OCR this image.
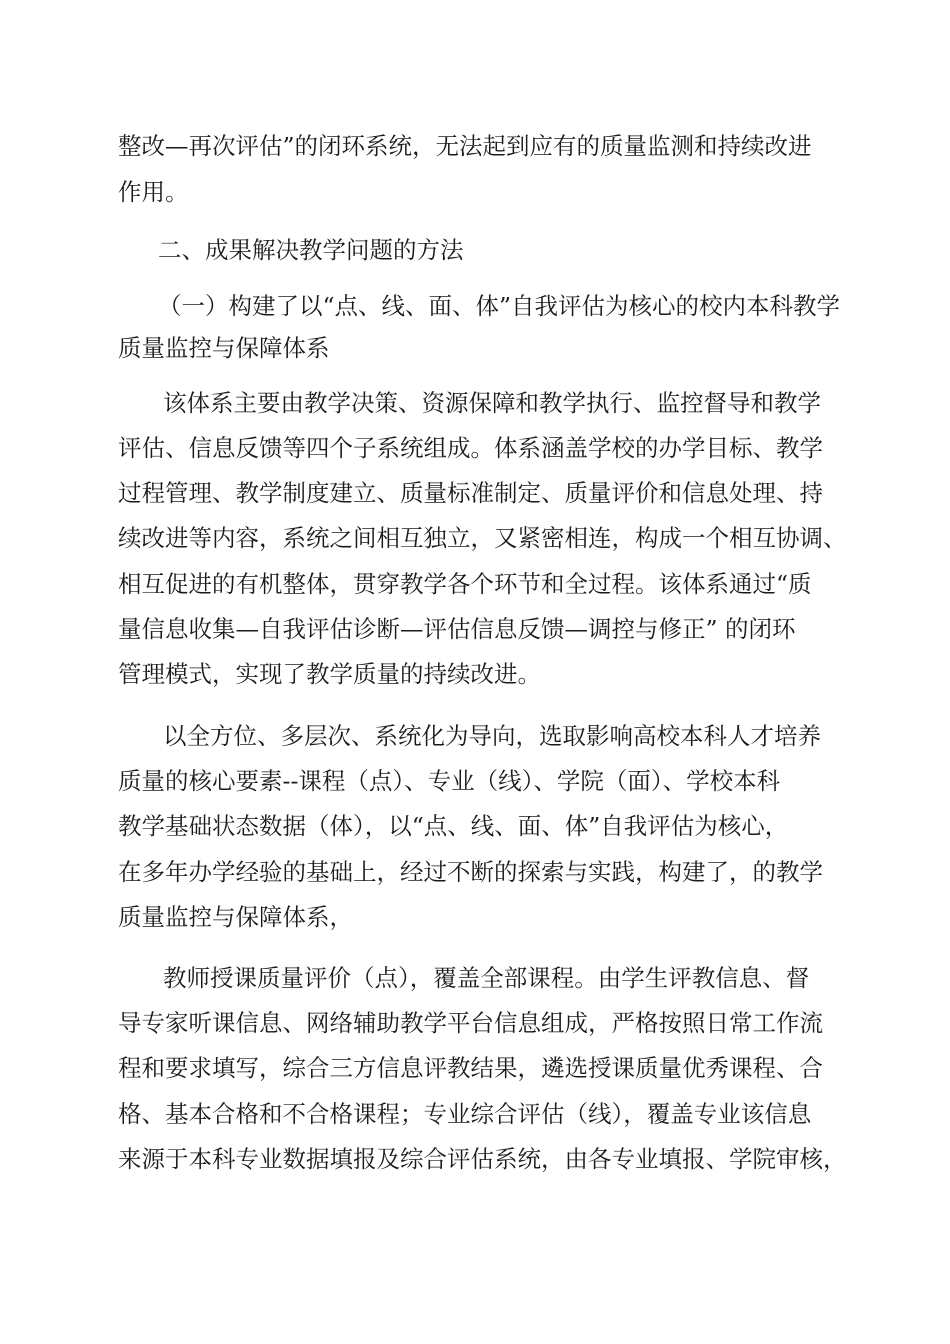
整改—再次评估”的闭环系统，无法起到应有的质量监测和持续改进
作用。
二、成果解决教学问题的方法
（一）构建了以“点、线、面、体”自我评估为核心的校内本科教学
质量监控与保障体系
该体系主要由教学决策、资源保障和教学执行、监控督导和教学
评估、信息反馈等四个子系统组成。体系涵盖学校的办学目标、教学
过程管理、教学制度建立、质量标准制定、质量评价和信息处理、持
续改进等内容，系统之间相互独立，又紧密相连，构成一个相互协调、
相互促进的有机整体，贯穿教学各个环节和全过程。该体系通过“质
量信息收集—自我评估诊断—评估信息反馈—调控与修正” 的闭环
管理模式，实现了教学质量的持续改进。
以全方位、多层次、系统化为导向，选取影响高校本科人才培养
质量的核心要素--课程（点）、专业（线）、学院（面）、学校本科
教学基础状态数据（体），以“点、线、面、体”自我评估为核心，
在多年办学经验的基础上，经过不断的探索与实践，构建了，的教学
质量监控与保障体系，
教师授课质量评价（点），覆盖全部课程。由学生评教信息、督
导专家听课信息、网络辅助教学平台信息组成，严格按照日常工作流
程和要求填写，综合三方信息评教结果，遴选授课质量优秀课程、合
格、基本合格和不合格课程；专业综合评估（线），覆盖专业该信息
来源于本科专业数据填报及综合评估系统，由各专业填报、学院审核，
